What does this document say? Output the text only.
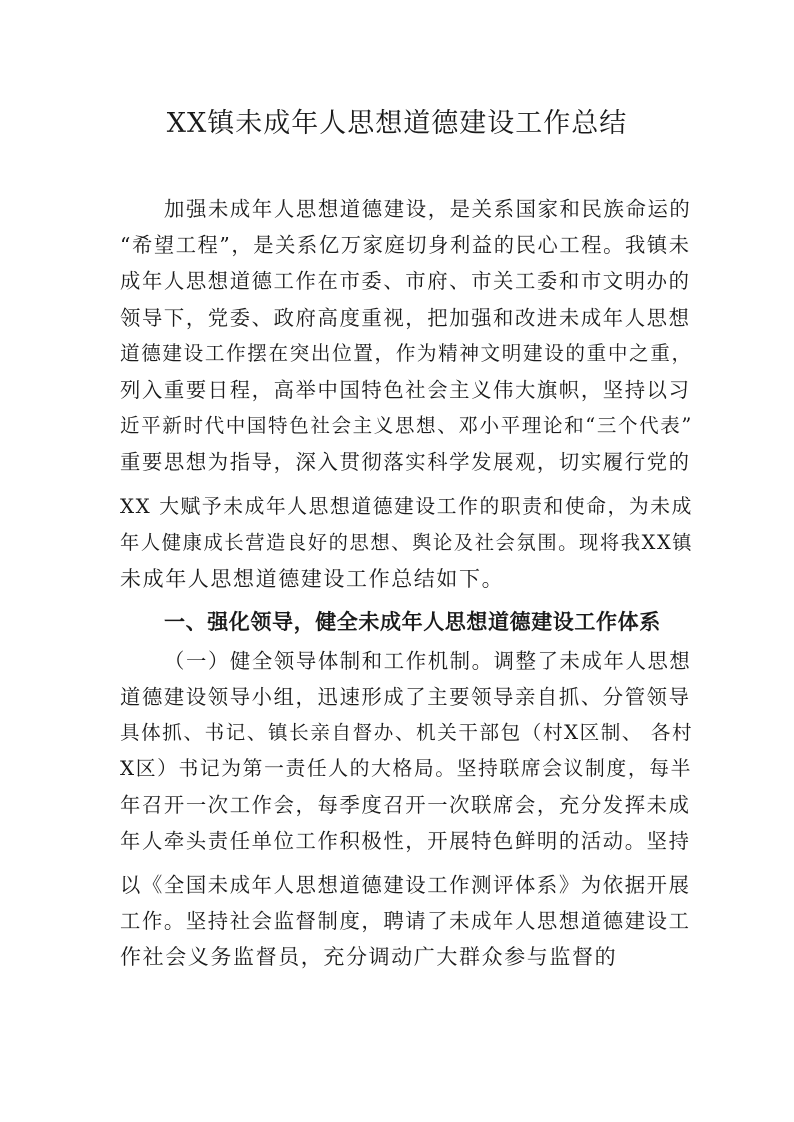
XX镇未成年人思想道德建设工作总结
加强未成年人思想道德建设，是关系国家和民族命运的
“希望工程”，是关系亿万家庭切身利益的民心工程。我镇未
成年人思想道德工作在市委、市府、市关工委和市文明办的
领导下，党委、政府高度重视，把加强和改进未成年人思想
道德建设工作摆在突出位置，作为精神文明建设的重中之重，
列入重要日程，高举中国特色社会主义伟大旗帜，坚持以习
近平新时代中国特色社会主义思想、邓小平理论和“三个代表”
重要思想为指导，深入贯彻落实科学发展观，切实履行党的
XX 大赋予未成年人思想道德建设工作的职责和使命，为未成
年人健康成长营造良好的思想、舆论及社会氛围。现将我XX镇
未成年人思想道德建设工作总结如下。
一、强化领导，健全未成年人思想道德建设工作体系
（一）健全领导体制和工作机制。调整了未成年人思想
道德建设领导小组，迅速形成了主要领导亲自抓、分管领导
具体抓、书记、镇长亲自督办、机关干部包（村X区制、 各村
X区）书记为第一责任人的大格局。坚持联席会议制度，每半
年召开一次工作会，每季度召开一次联席会，充分发挥未成
年人牵头责任单位工作积极性，开展特色鲜明的活动。坚持
以《全国未成年人思想道德建设工作测评体系》为依据开展
工作。坚持社会监督制度，聘请了未成年人思想道德建设工
作社会义务监督员，充分调动广大群众参与监督的
